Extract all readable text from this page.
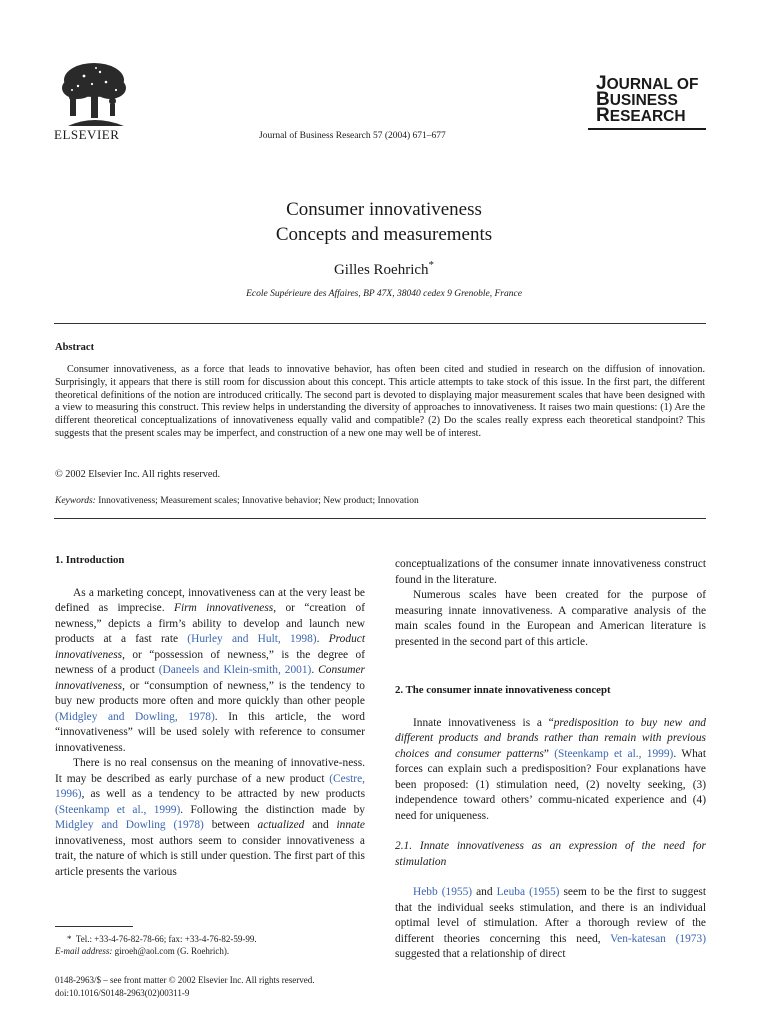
ELSEVIER	Journal of Business Research 57 (2004) 671–677
JOURNAL OF
BUSINESS
RESEARCH
Consumer innovativeness
Concepts and measurements
Gilles Roehrich*
Ecole Supérieure des Affaires, BP 47X, 38040 cedex 9 Grenoble, France
Abstract

Consumer innovativeness, as a force that leads to innovative behavior, has often been cited and studied in research on the diffusion of innovation. Surprisingly, it appears that there is still room for discussion about this concept. This article attempts to take stock of this issue. In the first part, the different theoretical definitions of the notion are introduced critically. The second part is devoted to displaying major measurement scales that have been designed with a view to measuring this construct. This review helps in understanding the diversity of approaches to innovativeness. It raises two main questions: (1) Are the different theoretical conceptualizations of innovativeness equally valid and compatible? (2) Do the scales really express each theoretical standpoint? This suggests that the present scales may be imperfect, and construction of a new one may well be of interest.

© 2002 Elsevier Inc. All rights reserved.
Keywords: Innovativeness; Measurement scales; Innovative behavior; New product; Innovation
1. Introduction

As a marketing concept, innovativeness can at the very least be defined as imprecise. Firm innovativeness, or “creation of newness,” depicts a firm’s ability to develop and launch new products at a fast rate (Hurley and Hult, 1998). Product innovativeness, or “possession of newness,” is the degree of newness of a product (Daneels and Klein-smith, 2001). Consumer innovativeness, or “consumption of newness,” is the tendency to buy new products more often and more quickly than other people (Midgley and Dowling, 1978). In this article, the word “innovativeness” will be used solely with reference to consumer innovativeness.

There is no real consensus on the meaning of innovative-ness. It may be described as early purchase of a new product (Cestre, 1996), as well as a tendency to be attracted by new products (Steenkamp et al., 1999). Following the distinction made by Midgley and Dowling (1978) between actualized and innate innovativeness, most authors seem to consider innovativeness a trait, the nature of which is still under question. The first part of this article presents the various

* Tel.: +33-4-76-82-78-66; fax: +33-4-76-82-59-99.
E-mail address: giroeh@aol.com (G. Roehrich).
0148-2963/$ – see front matter © 2002 Elsevier Inc. All rights reserved.
doi:10.1016/S0148-2963(02)00311-9

conceptualizations of the consumer innate innovativeness construct found in the literature.

Numerous scales have been created for the purpose of measuring innate innovativeness. A comparative analysis of the main scales found in the European and American literature is presented in the second part of this article.

2. The consumer innate innovativeness concept

Innate innovativeness is a “predisposition to buy new and different products and brands rather than remain with previous choices and consumer patterns” (Steenkamp et al., 1999). What forces can explain such a predisposition? Four explanations have been proposed: (1) stimulation need, (2) novelty seeking, (3) independence toward others’ commu-nicated experience and (4) need for uniqueness.

2.1. Innate innovativeness as an expression of the need for stimulation

Hebb (1955) and Leuba (1955) seem to be the first to suggest that the individual seeks stimulation, and there is an individual optimal level of stimulation. After a thorough review of the different theories concerning this need, Ven-katesan (1973) suggested that a relationship of direct
